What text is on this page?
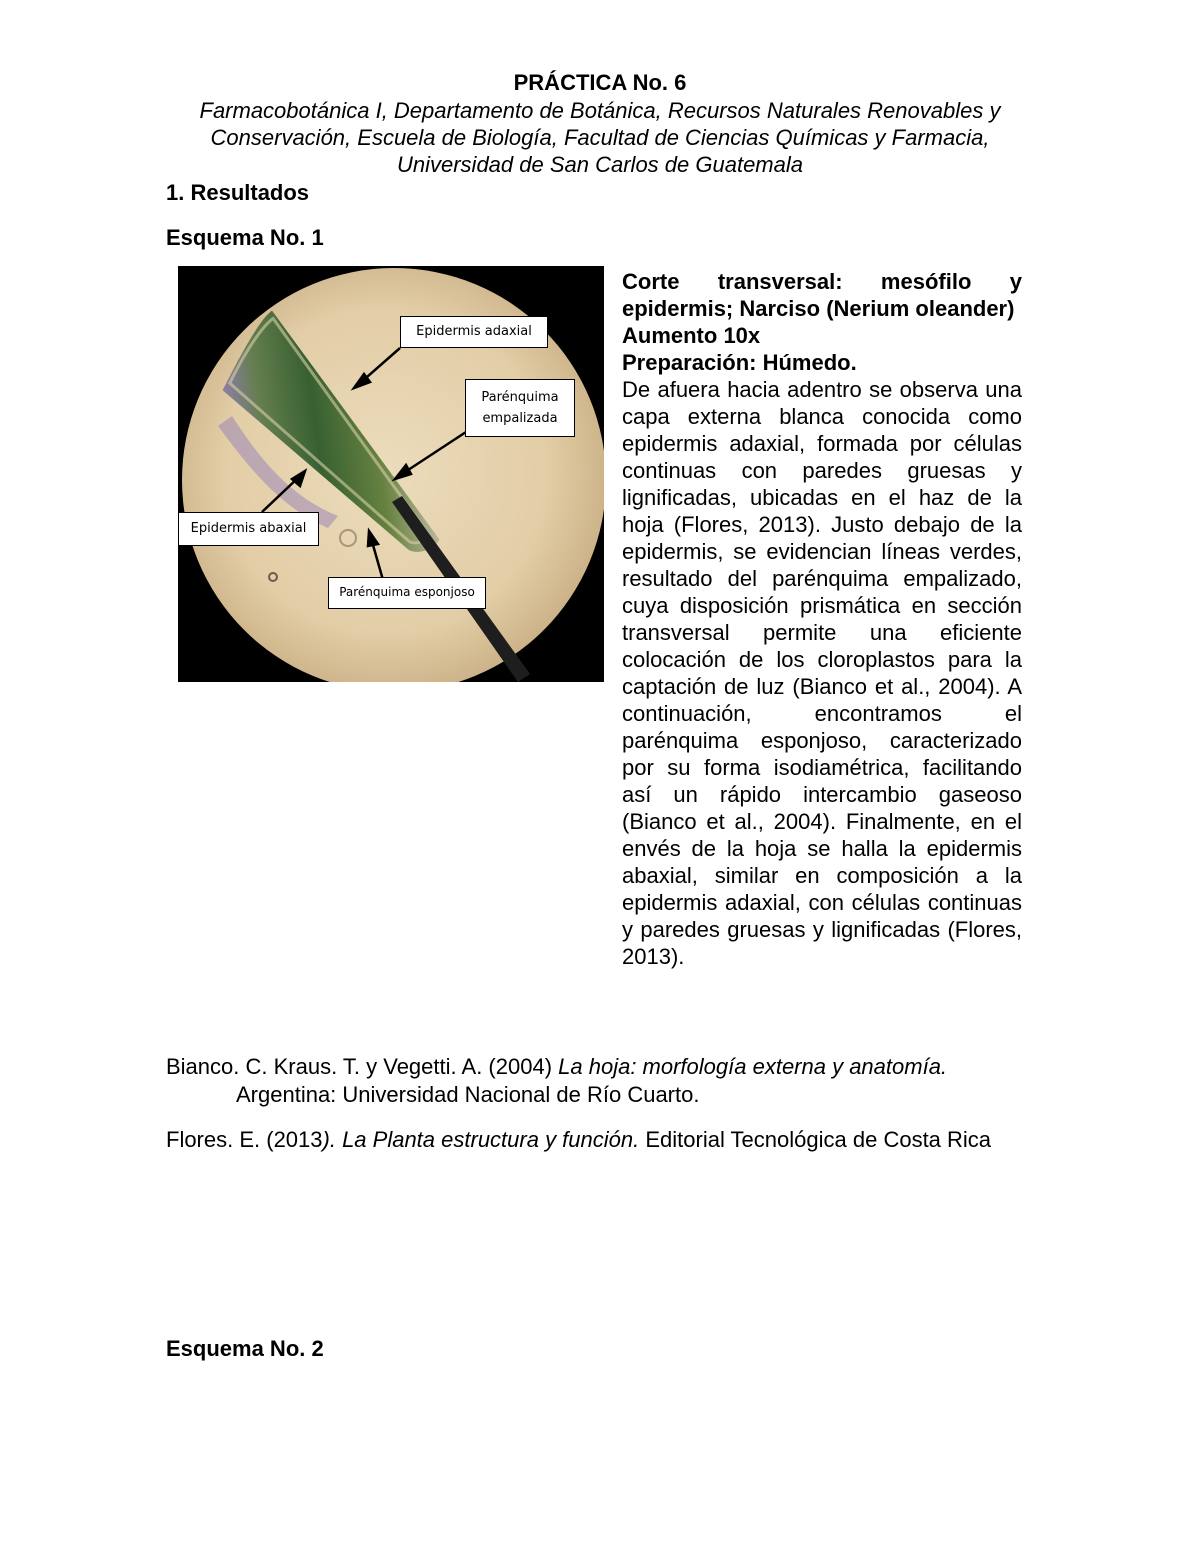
PRÁCTICA No. 6
Farmacobotánica I, Departamento de Botánica, Recursos Naturales Renovables y Conservación, Escuela de Biología, Facultad de Ciencias Químicas y Farmacia, Universidad de San Carlos de Guatemala
1. Resultados
Esquema No. 1
Epidermis adaxial
Parénquima
empalizada
Epidermis abaxial
Parénquima esponjoso
Corte transversal: mesófilo y epidermis; Narciso (Nerium oleander)
Aumento 10x
Preparación: Húmedo.
De afuera hacia adentro se observa una capa externa blanca conocida como epidermis adaxial, formada por células continuas con paredes gruesas y lignificadas, ubicadas en el haz de la hoja (Flores, 2013). Justo debajo de la epidermis, se evidencian líneas verdes, resultado del parénquima empalizado, cuya disposición prismática en sección transversal permite una eficiente colocación de los cloroplastos para la captación de luz (Bianco et al., 2004). A continuación, encontramos el parénquima esponjoso, caracterizado por su forma isodiamétrica, facilitando así un rápido intercambio gaseoso (Bianco et al., 2004). Finalmente, en el envés de la hoja se halla la epidermis abaxial, similar en composición a la epidermis adaxial, con células continuas y paredes gruesas y lignificadas (Flores, 2013).

Bianco. C. Kraus. T. y Vegetti. A. (2004) La hoja: morfología externa y anatomía. Argentina: Universidad Nacional de Río Cuarto.

Flores. E. (2013). La Planta estructura y función. Editorial Tecnológica de Costa Rica

Esquema No. 2
